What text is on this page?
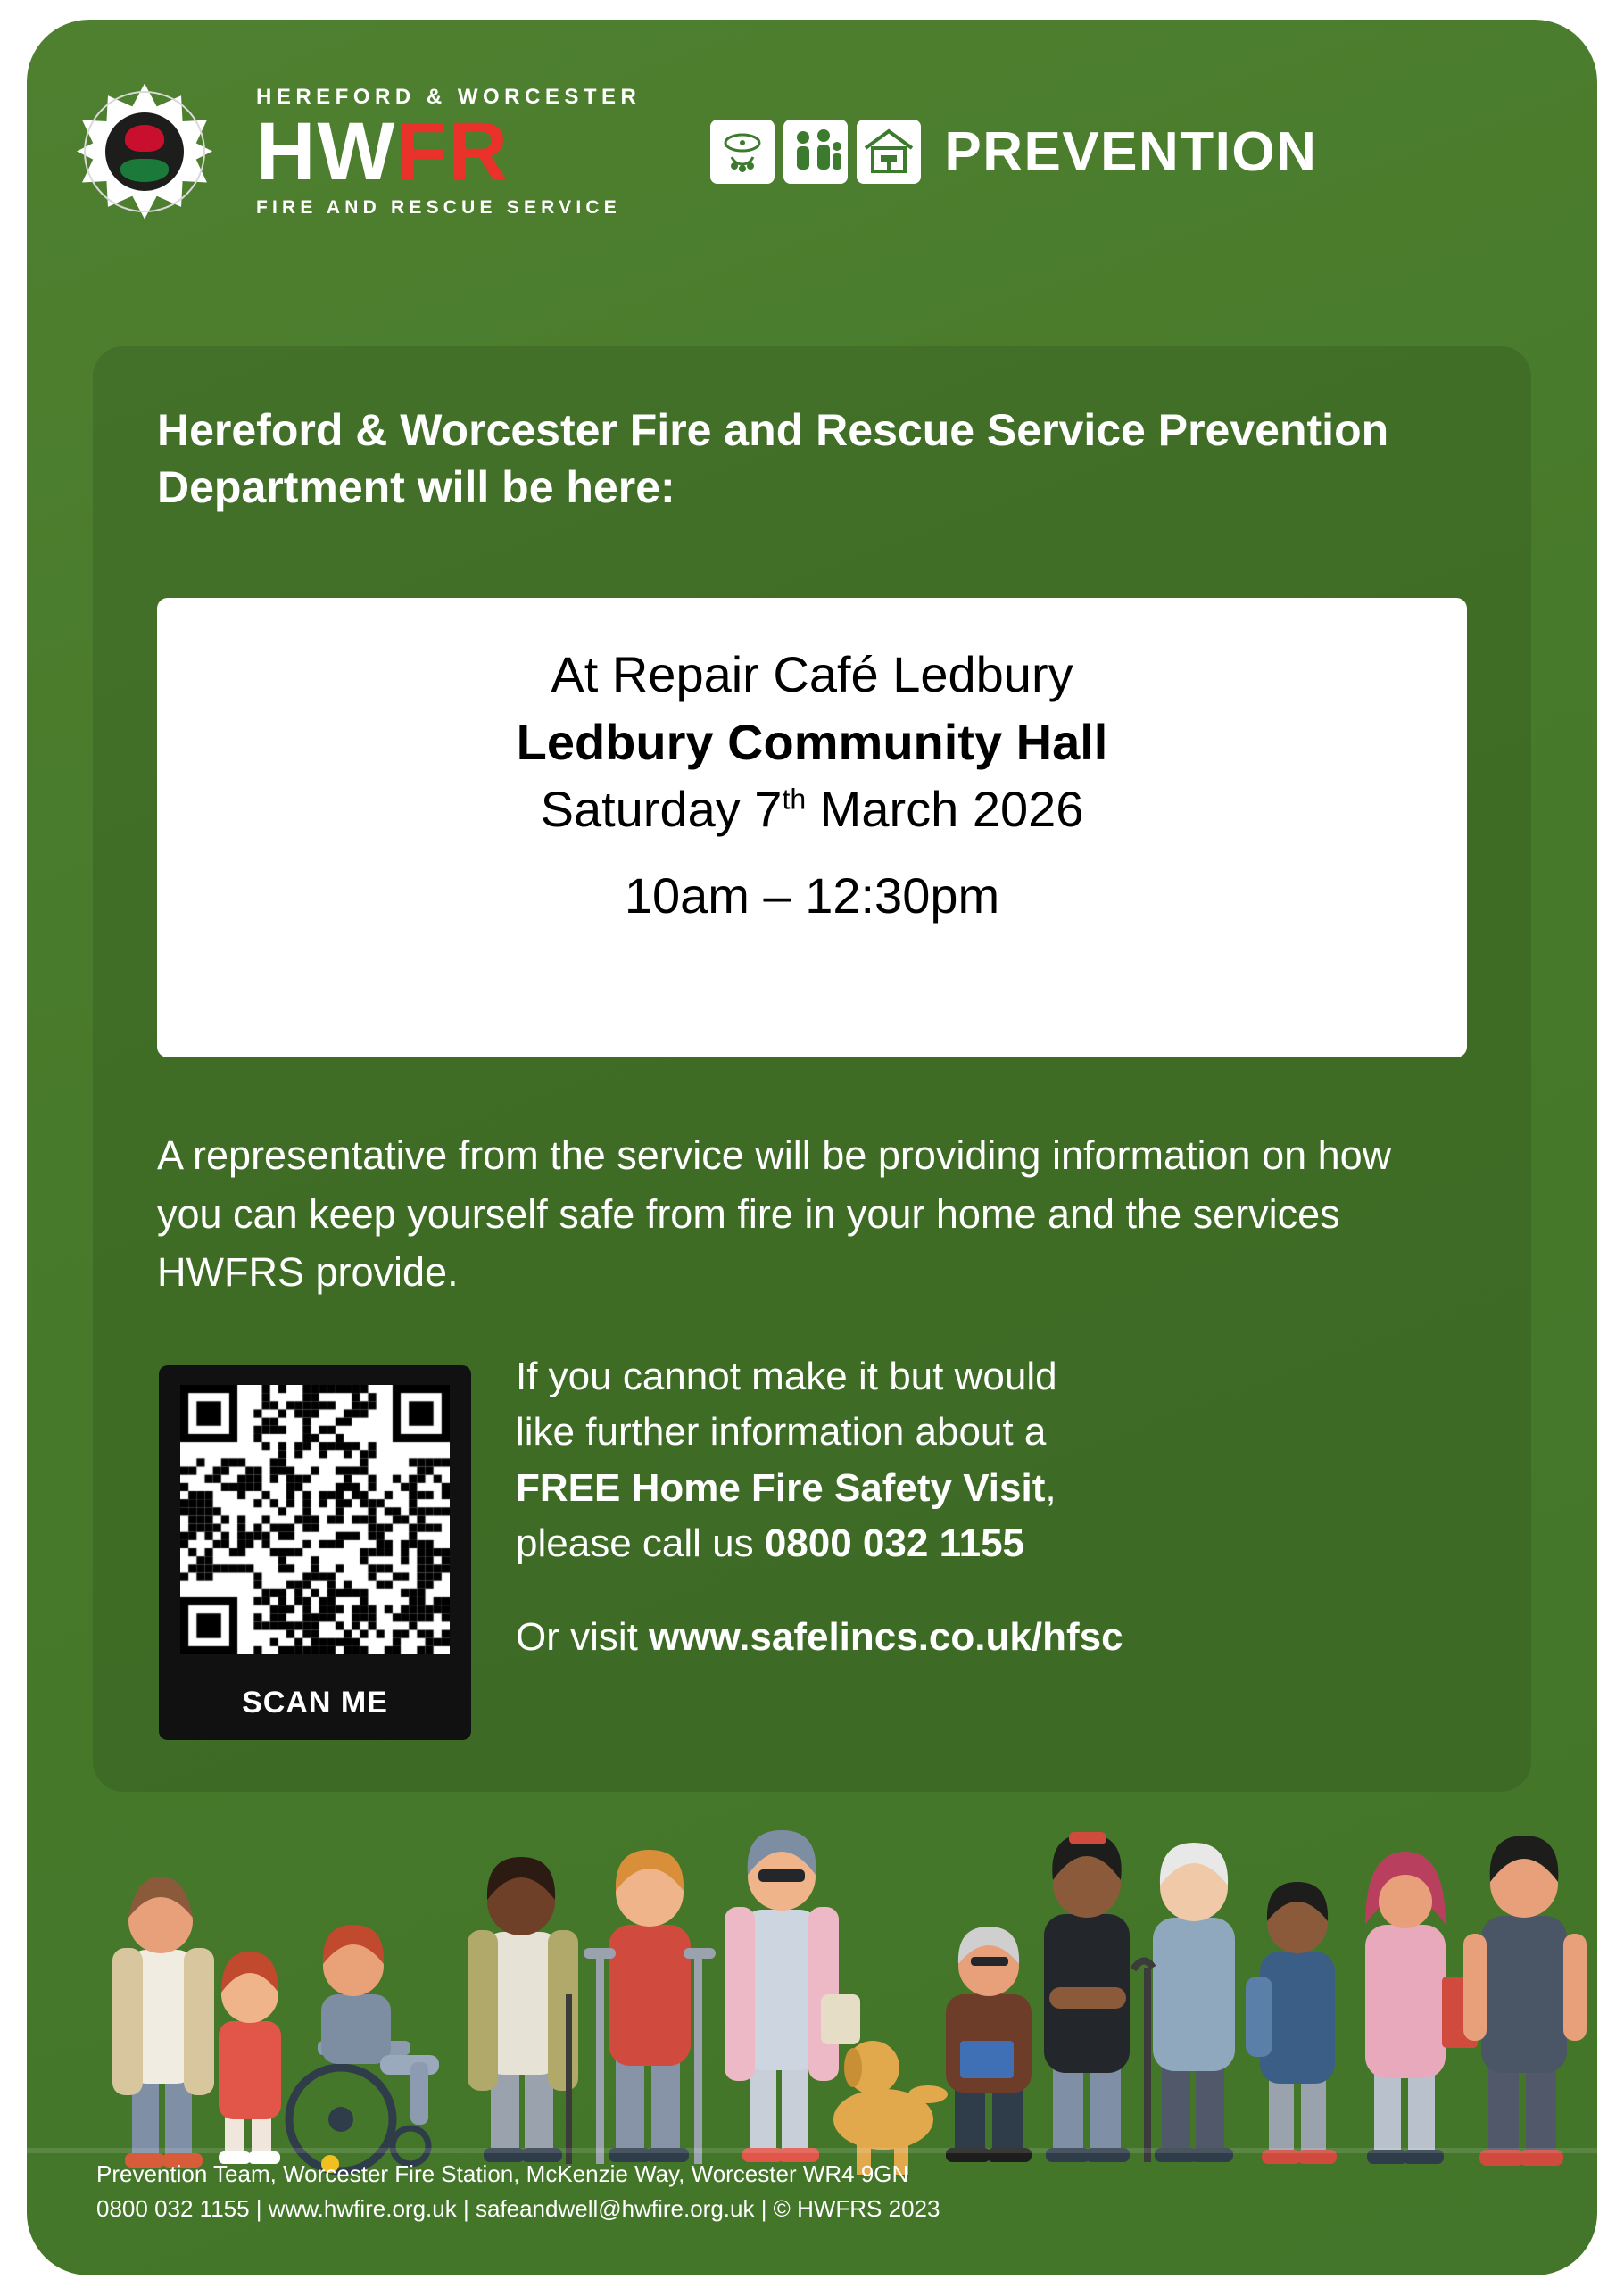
HEREFORD & WORCESTER
H W F R
FIRE AND RESCUE SERVICE
PREVENTION
Hereford & Worcester Fire and Rescue Service Prevention Department will be here:
At Repair Café Ledbury
Ledbury Community Hall
Saturday 7th March 2026
10am – 12:30pm
A representative from the service will be providing information on how you can keep yourself safe from fire in your home and the services HWFRS provide.
SCAN ME
If you cannot make it but would
like further information about a
FREE Home Fire Safety Visit,
please call us 0800 032 1155
Or visit www.safelincs.co.uk/hfsc
Prevention Team, Worcester Fire Station, McKenzie Way, Worcester WR4 9GN
0800 032 1155 | www.hwfire.org.uk | safeandwell@hwfire.org.uk | © HWFRS 2023
